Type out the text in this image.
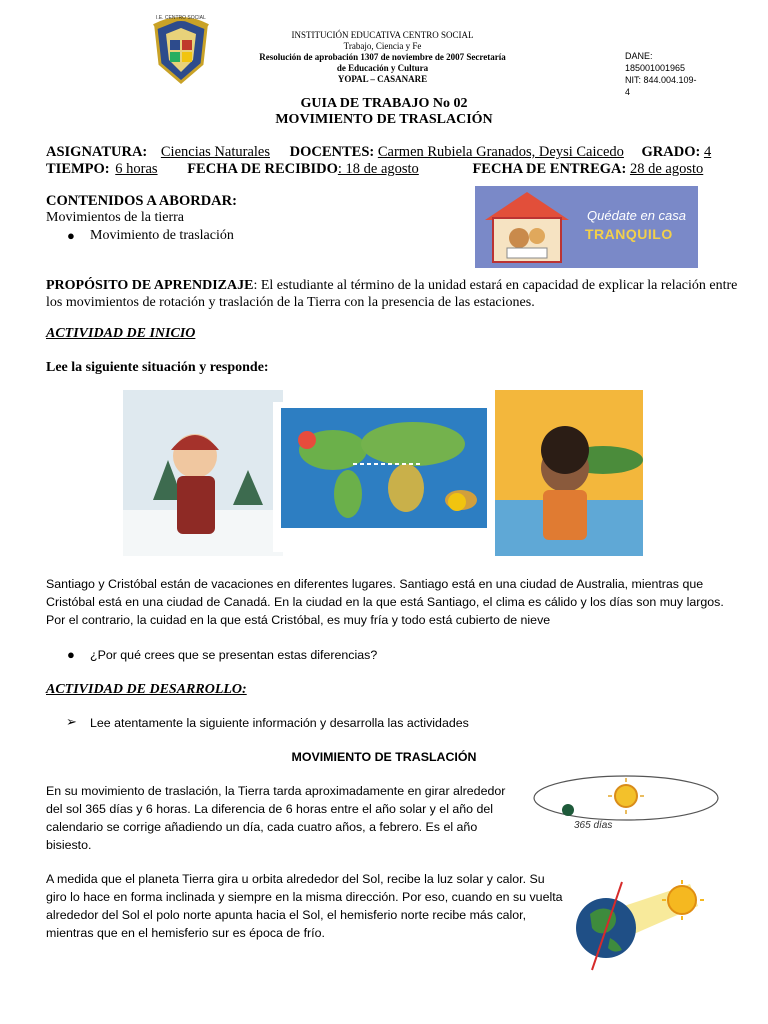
I.E. CENTRO SOCIAL
INSTITUCIÓN EDUCATIVA CENTRO SOCIAL
Trabajo, Ciencia y Fe
Resolución de aprobación 1307 de noviembre de 2007 Secretaría
de Educación y Cultura
YOPAL – CASANARE
DANE:
185001001965
NIT: 844.004.109-
4
GUIA DE TRABAJO No 02
MOVIMIENTO DE TRASLACIÓN
ASIGNATURA: Ciencias Naturales DOCENTES: Carmen Rubiela Granados, Deysi Caicedo GRADO: 4
TIEMPO: 6 horas FECHA DE RECIBIDO: 18 de agosto	FECHA DE ENTREGA: 28 de agosto
CONTENIDOS A ABORDAR:
Movimientos de la tierra
● Movimiento de traslación
Quédate en casa
TRANQUILO
PROPÓSITO DE APRENDIZAJE: El estudiante al término de la unidad estará en capacidad de explicar la relación entre
los movimientos de rotación y traslación de la Tierra con la presencia de las estaciones.
ACTIVIDAD DE INICIO
Lee la siguiente situación y responde:
Santiago y Cristóbal están de vacaciones en diferentes lugares. Santiago está en una ciudad de Australia, mientras que
Cristóbal está en una ciudad de Canadá. En la ciudad en la que está Santiago, el clima es cálido y los días son muy largos.
Por el contrario, la cuidad en la que está Cristóbal, es muy fría y todo está cubierto de nieve
● ¿Por qué crees que se presentan estas diferencias?
ACTIVIDAD DE DESARROLLO:
➢ Lee atentamente la siguiente información y desarrolla las actividades
MOVIMIENTO DE TRASLACIÓN
En su movimiento de traslación, la Tierra tarda aproximadamente en girar alrededor
del sol 365 días y 6 horas. La diferencia de 6 horas entre el año solar y el año del
calendario se corrige añadiendo un día, cada cuatro años, a febrero. Es el año
bisiesto.
365 días
A medida que el planeta Tierra gira u orbita alrededor del Sol, recibe la luz solar y calor. Su
giro lo hace en forma inclinada y siempre en la misma dirección. Por eso, cuando en su vuelta
alrededor del Sol el polo norte apunta hacia el Sol, el hemisferio norte recibe más calor,
mientras que en el hemisferio sur es época de frío.
